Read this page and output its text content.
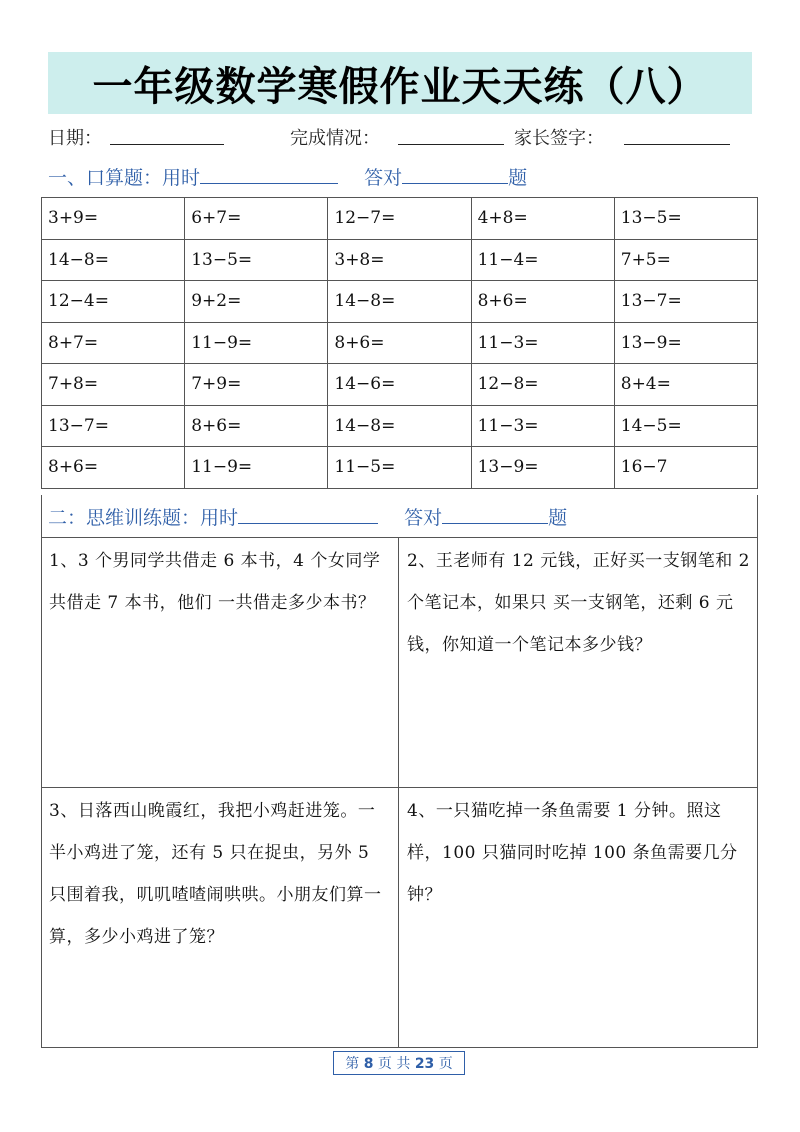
一年级数学寒假作业天天练（八）
日期：	完成情况：	家长签字：
一、口算题：用时	答对	题
3+9=	6+7=	12−7=	4+8=	13−5=
14−8=	13−5=	3+8=	11−4=	7+5=
12−4=	9+2=	14−8=	8+6=	13−7=
8+7=	11−9=	8+6=	11−3=	13−9=
7+8=	7+9=	14−6=	12−8=	8+4=
13−7=	8+6=	14−8=	11−3=	14−5=
8+6=	11−9=	11−5=	13−9=	16−7
二：思维训练题：用时	答对	题
1、3 个男同学共借走 6 本书，4 个女同学共借走 7 本书，他们 一共借走多少本书？
2、王老师有 12 元钱，正好买一支钢笔和 2 个笔记本，如果只 买一支钢笔，还剩 6 元钱，你知道一个笔记本多少钱？
3、日落西山晚霞红，我把小鸡赶进笼。一半小鸡进了笼，还有 5 只在捉虫，另外 5 只围着我，叽叽喳喳闹哄哄。小朋友们算一 算，多少小鸡进了笼？
4、一只猫吃掉一条鱼需要 1 分钟。照这样，100 只猫同时吃掉 100 条鱼需要几分钟？
第 8 页 共 23 页
